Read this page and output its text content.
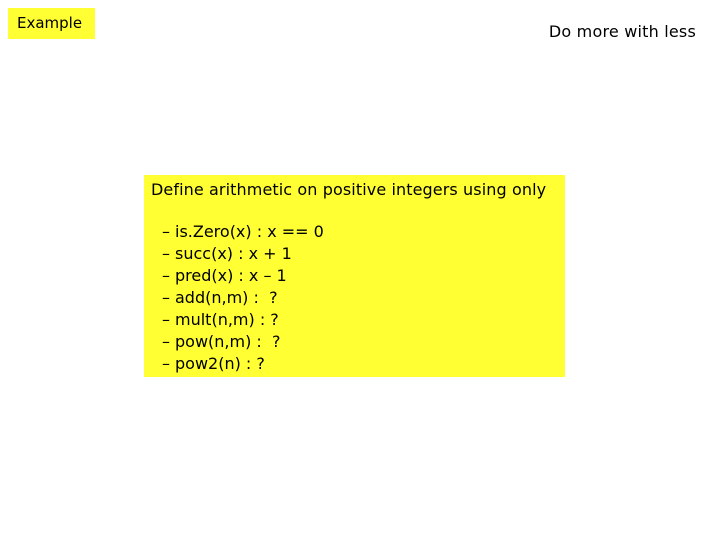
Example	Do more with less

Define arithmetic on positive integers using only

– is.Zero(x) : x == 0
– succ(x) : x + 1
– pred(x) : x – 1
– add(n,m) :  ?
– mult(n,m) : ?
– pow(n,m) :  ?
– pow2(n) : ?
